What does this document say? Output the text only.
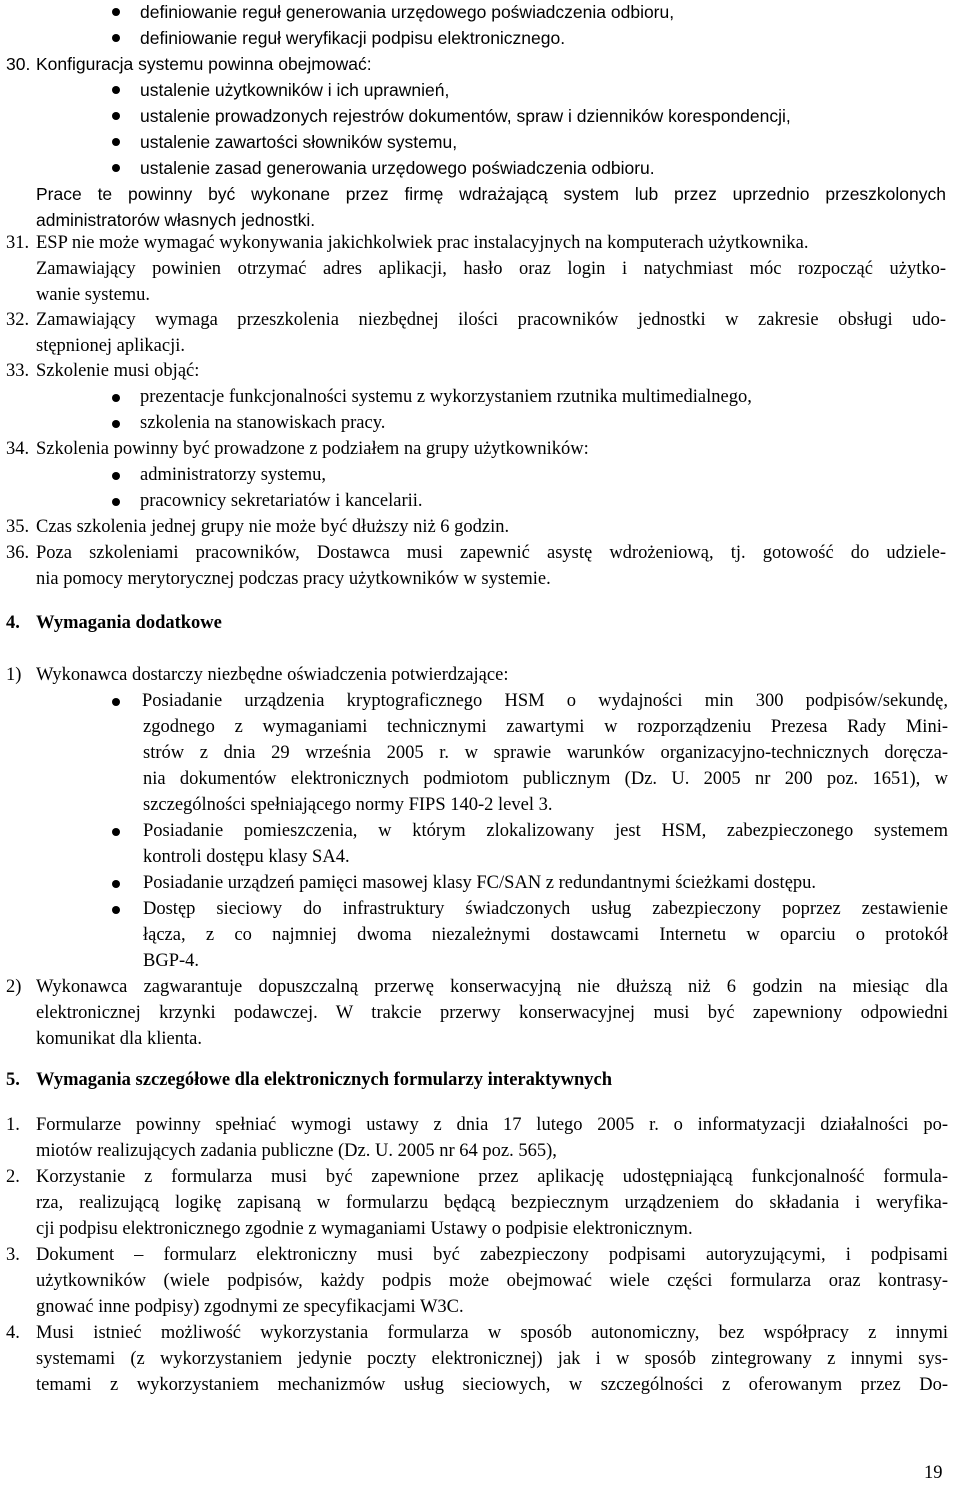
definiowanie reguł generowania urzędowego poświadczenia odbioru,
definiowanie reguł weryfikacji podpisu elektronicznego.
30. Konfiguracja systemu powinna obejmować:
ustalenie użytkowników i ich uprawnień,
ustalenie prowadzonych rejestrów dokumentów, spraw i dzienników korespondencji,
ustalenie zawartości słowników systemu,
ustalenie zasad generowania urzędowego poświadczenia odbioru.
Prace te powinny być wykonane przez firmę wdrażającą system lub przez uprzednio przeszkolonych
administratorów własnych jednostki.
31. ESP nie może wymagać wykonywania jakichkolwiek prac instalacyjnych na komputerach użytkownika.
Zamawiający powinien otrzymać adres aplikacji, hasło oraz login i natychmiast móc rozpocząć użytko-
wanie systemu.
32. Zamawiający wymaga przeszkolenia niezbędnej ilości pracowników jednostki w zakresie obsługi udo-
stępnionej aplikacji.
33. Szkolenie musi objąć:
prezentacje funkcjonalności systemu z wykorzystaniem rzutnika multimedialnego,
szkolenia na stanowiskach pracy.
34. Szkolenia powinny być prowadzone z podziałem na grupy użytkowników:
administratorzy systemu,
pracownicy sekretariatów i kancelarii.
35. Czas szkolenia jednej grupy nie może być dłuższy niż 6 godzin.
36. Poza szkoleniami pracowników, Dostawca musi zapewnić asystę wdrożeniową, tj. gotowość do udziele-
nia pomocy merytorycznej podczas pracy użytkowników w systemie.
4. Wymagania dodatkowe
1) Wykonawca dostarczy niezbędne oświadczenia potwierdzające:
Posiadanie urządzenia kryptograficznego HSM o wydajności min 300 podpisów/sekundę,
zgodnego z wymaganiami technicznymi zawartymi w rozporządzeniu Prezesa Rady Mini-
strów z dnia 29 września 2005 r. w sprawie warunków organizacyjno-technicznych doręcza-
nia dokumentów elektronicznych podmiotom publicznym (Dz. U. 2005 nr 200 poz. 1651), w
szczególności spełniającego normy FIPS 140-2 level 3.
Posiadanie pomieszczenia, w którym zlokalizowany jest HSM, zabezpieczonego systemem
kontroli dostępu klasy SA4.
Posiadanie urządzeń pamięci masowej klasy FC/SAN z redundantnymi ścieżkami dostępu.
Dostęp sieciowy do infrastruktury świadczonych usług zabezpieczony poprzez zestawienie
łącza, z co najmniej dwoma niezależnymi dostawcami Internetu w oparciu o protokół
BGP-4.
2) Wykonawca zagwarantuje dopuszczalną przerwę konserwacyjną nie dłuższą niż 6 godzin na miesiąc dla
elektronicznej krzynki podawczej. W trakcie przerwy konserwacyjnej musi być zapewniony odpowiedni
komunikat dla klienta.
5. Wymagania szczegółowe dla elektronicznych formularzy interaktywnych
1. Formularze powinny spełniać wymogi ustawy z dnia 17 lutego 2005 r. o informatyzacji działalności po-
miotów realizujących zadania publiczne (Dz. U. 2005 nr 64 poz. 565),
2. Korzystanie z formularza musi być zapewnione przez aplikację udostępniającą funkcjonalność formula-
rza, realizującą logikę zapisaną w formularzu będącą bezpiecznym urządzeniem do składania i weryfika-
cji podpisu elektronicznego zgodnie z wymaganiami Ustawy o podpisie elektronicznym.
3. Dokument – formularz elektroniczny musi być zabezpieczony podpisami autoryzującymi, i podpisami
użytkowników (wiele podpisów, każdy podpis może obejmować wiele części formularza oraz kontrasy-
gnować inne podpisy) zgodnymi ze specyfikacjami W3C.
4. Musi istnieć możliwość wykorzystania formularza w sposób autonomiczny, bez współpracy z innymi
systemami (z wykorzystaniem jedynie poczty elektronicznej) jak i w sposób zintegrowany z innymi sys-
temami z wykorzystaniem mechanizmów usług sieciowych, w szczególności z oferowanym przez Do-
19
